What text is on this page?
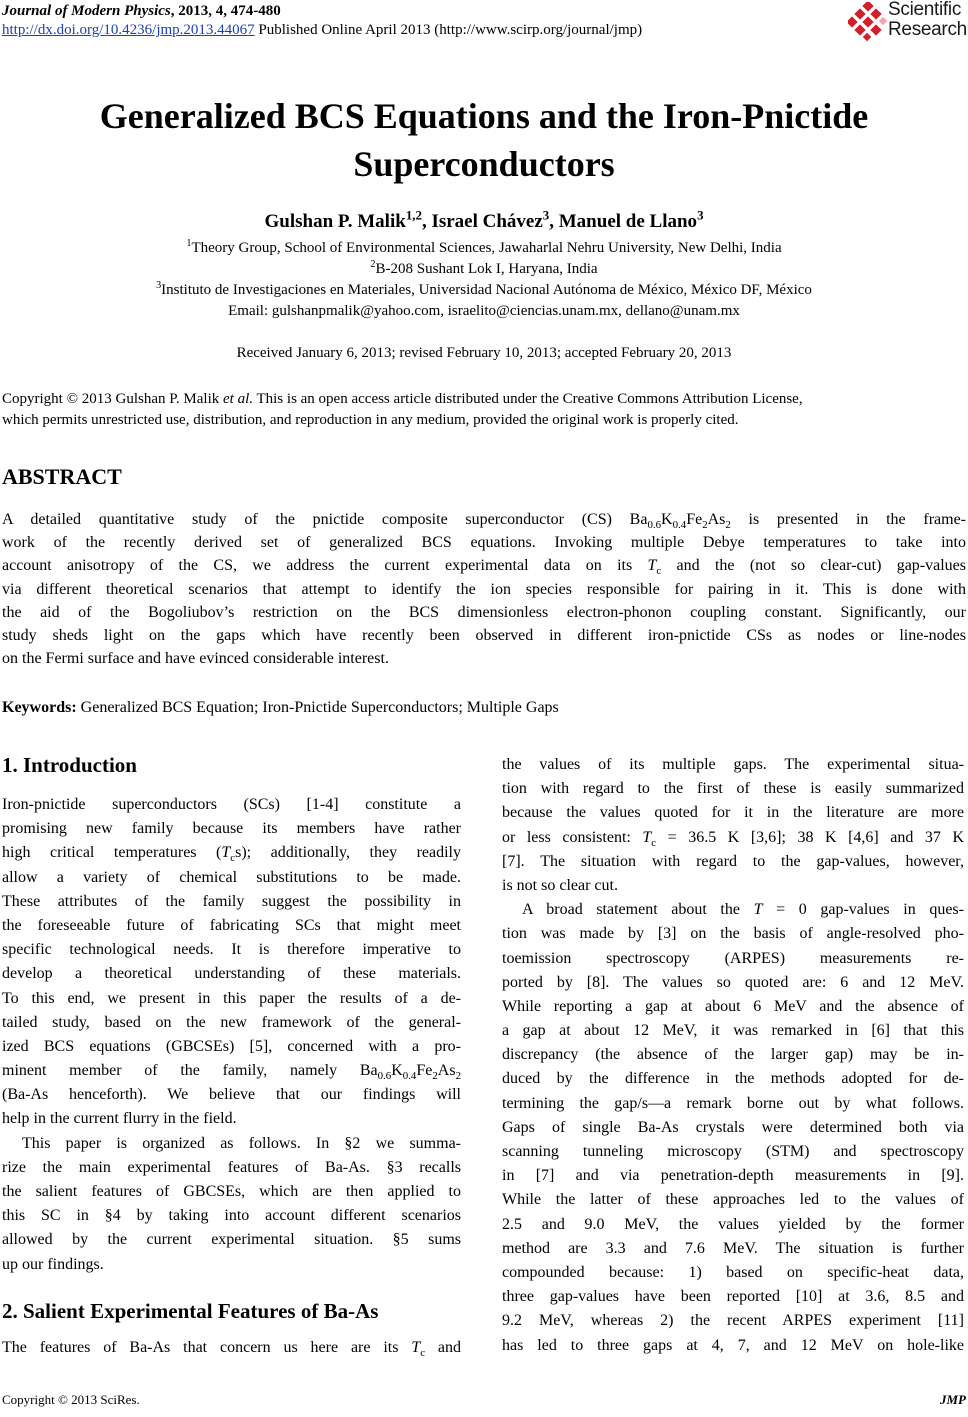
Journal of Modern Physics, 2013, 4, 474-480
http://dx.doi.org/10.4236/jmp.2013.44067 Published Online April 2013 (http://www.scirp.org/journal/jmp)
Scientific
Research
Generalized BCS Equations and the Iron-Pnictide
Superconductors
Gulshan P. Malik$^{1,2}$, Israel Chávez$^3$, Manuel de Llano$^3$
$^1$Theory Group, School of Environmental Sciences, Jawaharlal Nehru University, New Delhi, India
$^2$B-208 Sushant Lok I, Haryana, India
$^3$Instituto de Investigaciones en Materiales, Universidad Nacional Autónoma de México, México DF, México
Email: gulshanpmalik@yahoo.com, israelito@ciencias.unam.mx, dellano@unam.mx
Received January 6, 2013; revised February 10, 2013; accepted February 20, 2013

Copyright © 2013 Gulshan P. Malik et al. This is an open access article distributed under the Creative Commons Attribution License,

which permits unrestricted use, distribution, and reproduction in any medium, provided the original work is properly cited.

ABSTRACT
A detailed quantitative study of the pnictide composite superconductor (CS) $Ba_{0.6}K_{0.4}Fe_2As_2$ is presented in the frame-
work of the recently derived set of generalized BCS equations. Invoking multiple Debye temperatures to take into
account anisotropy of the CS, we address the current experimental data on its $T_c$ and the (not so clear-cut) gap-values
via different theoretical scenarios that attempt to identify the ion species responsible for pairing in it. This is done with
the aid of the Bogoliubov’s restriction on the BCS dimensionless electron-phonon coupling constant. Significantly, our
study sheds light on the gaps which have recently been observed in different iron-pnictide CSs as nodes or line-nodes
on the Fermi surface and have evinced considerable interest.
Keywords: Generalized BCS Equation; Iron-Pnictide Superconductors; Multiple Gaps
1. Introduction
Iron-pnictide superconductors (SCs) [1-4] constitute a
promising new family because its members have rather
high critical temperatures $(T_cs)$; additionally, they readily
allow a variety of chemical substitutions to be made.
These attributes of the family suggest the possibility in
the foreseeable future of fabricating SCs that might meet
specific technological needs. It is therefore imperative to
develop a theoretical understanding of these materials.
To this end, we present in this paper the results of a de-
tailed study, based on the new framework of the general-
ized BCS equations (GBCSEs) [5], concerned with a pro-
minent member of the family, namely $Ba_{0.6}K_{0.4}Fe_2As_2$
(Ba-As henceforth). We believe that our findings will
help in the current flurry in the field.
This paper is organized as follows. In §2 we summa-
rize the main experimental features of Ba-As. §3 recalls
the salient features of GBCSEs, which are then applied to
this SC in §4 by taking into account different scenarios
allowed by the current experimental situation. §5 sums
up our findings.
2. Salient Experimental Features of Ba-As
The features of Ba-As that concern us here are its $T_c$ and
the values of its multiple gaps. The experimental situa-
tion with regard to the first of these is easily summarized
because the values quoted for it in the literature are more
or less consistent: $T_c = 36.5$ K [3,6]; 38 K [4,6] and 37 K
[7]. The situation with regard to the gap-values, however,
is not so clear cut.
A broad statement about the T = 0 gap-values in ques-
tion was made by [3] on the basis of angle-resolved pho-
toemission spectroscopy (ARPES) measurements re-
ported by [8]. The values so quoted are: 6 and 12 MeV.
While reporting a gap at about 6 MeV and the absence of
a gap at about 12 MeV, it was remarked in [6] that this
discrepancy (the absence of the larger gap) may be in-
duced by the difference in the methods adopted for de-
termining the gap/s—a remark borne out by what follows.
Gaps of single Ba-As crystals were determined both via
scanning tunneling microscopy (STM) and spectroscopy
in [7] and via penetration-depth measurements in [9].
While the latter of these approaches led to the values of
2.5 and 9.0 MeV, the values yielded by the former
method are 3.3 and 7.6 MeV. The situation is further
compounded because: 1) based on specific-heat data,
three gap-values have been reported [10] at 3.6, 8.5 and
9.2 MeV, whereas 2) the recent ARPES experiment [11]
has led to three gaps at 4, 7, and 12 MeV on hole-like
Copyright © 2013 SciRes.	JMP
